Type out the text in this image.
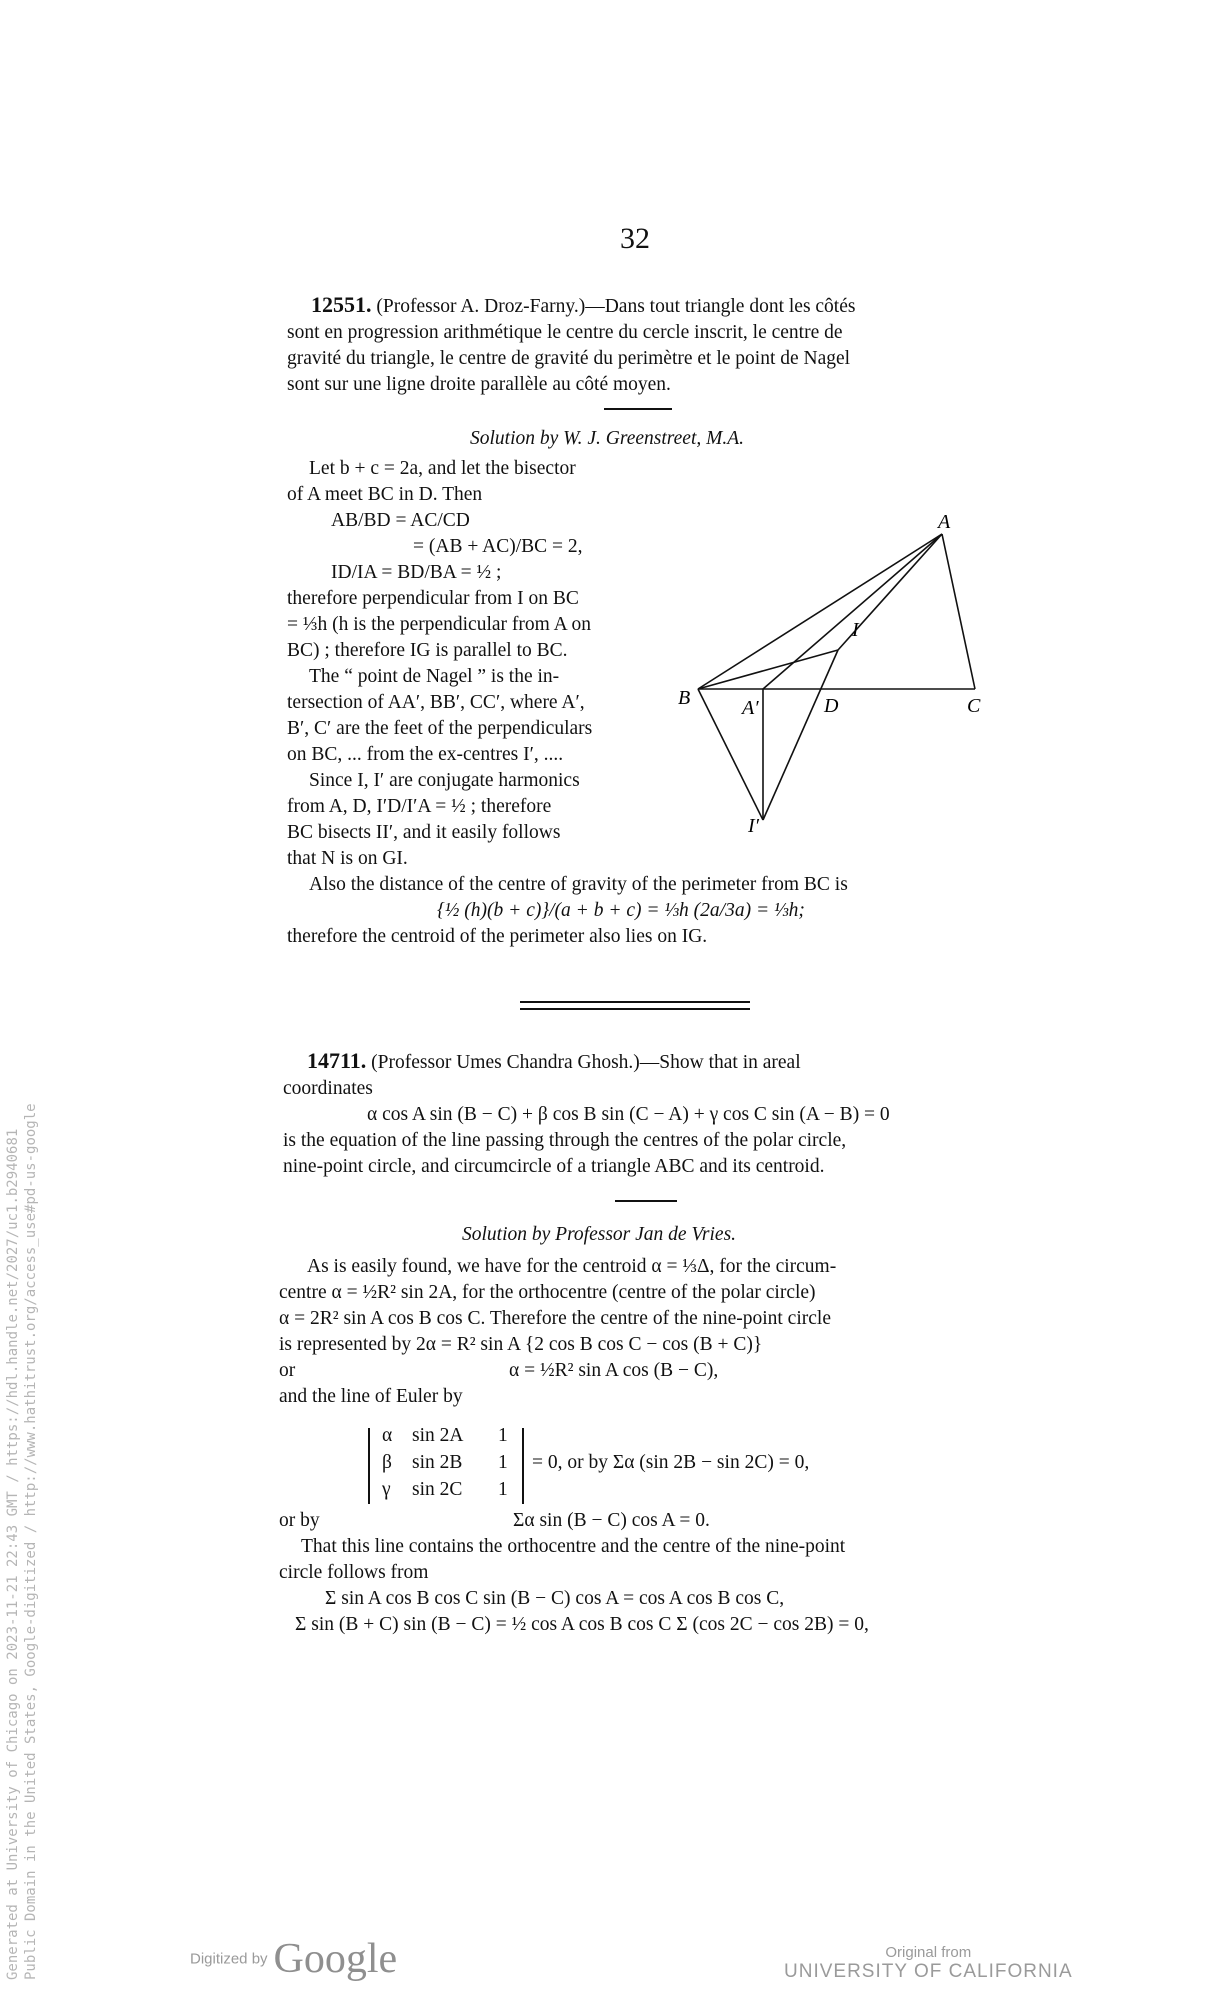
32
12551. (Professor A. Droz-Farny.)—Dans tout triangle dont les côtés
sont en progression arithmétique le centre du cercle inscrit, le centre de
gravité du triangle, le centre de gravité du perimètre et le point de Nagel
sont sur une ligne droite parallèle au côté moyen.
Solution by W. J. Greenstreet, M.A.
Let b + c = 2a, and let the bisector
of A meet BC in D. Then
AB/BD = AC/CD
= (AB + AC)/BC = 2,
ID/IA = BD/BA = ½ ;
therefore perpendicular from I on BC
= ⅓h (h is the perpendicular from A on
BC) ; therefore IG is parallel to BC.
The “ point de Nagel ” is the in-
tersection of AA′, BB′, CC′, where A′,
B′, C′ are the feet of the perpendiculars
on BC, ... from the ex-centres I′, ....
Since I, I′ are conjugate harmonics
from A, D, I′D/I′A = ½ ; therefore
BC bisects II′, and it easily follows
that N is on GI.
A
I
B	A′	D	C
I′
Also the distance of the centre of gravity of the perimeter from BC is
{½ (h)(b + c)}/(a + b + c) = ⅓h (2a/3a) = ⅓h;
therefore the centroid of the perimeter also lies on IG.
14711. (Professor Umes Chandra Ghosh.)—Show that in areal
coordinates
α cos A sin (B − C) + β cos B sin (C − A) + γ cos C sin (A − B) = 0
is the equation of the line passing through the centres of the polar circle,
nine-point circle, and circumcircle of a triangle ABC and its centroid.
Solution by Professor Jan de Vries.
As is easily found, we have for the centroid α = ⅓Δ, for the circum-
centre α = ½R² sin 2A, for the orthocentre (centre of the polar circle)
α = 2R² sin A cos B cos C. Therefore the centre of the nine-point circle
is represented by 2α = R² sin A {2 cos B cos C − cos (B + C)}
or	α = ½R² sin A cos (B − C),
and the line of Euler by
α sin 2A 1
β sin 2B 1
γ sin 2C 1
= 0, or by Σα (sin 2B − sin 2C) = 0,
or by	Σα sin (B − C) cos A = 0.
That this line contains the orthocentre and the centre of the nine-point
circle follows from
Σ sin A cos B cos C sin (B − C) cos A = cos A cos B cos C,
Σ sin (B + C) sin (B − C) = ½ cos A cos B cos C Σ (cos 2C − cos 2B) = 0,
Generated at University of Chicago on 2023-11-21 22:43 GMT / https://hdl.handle.net/2027/uc1.b2940681 Public Domain in the United States, Google-digitized / http://www.hathitrust.org/access_use#pd-us-google	Digitized by Google	Original from
UNIVERSITY OF CALIFORNIA
